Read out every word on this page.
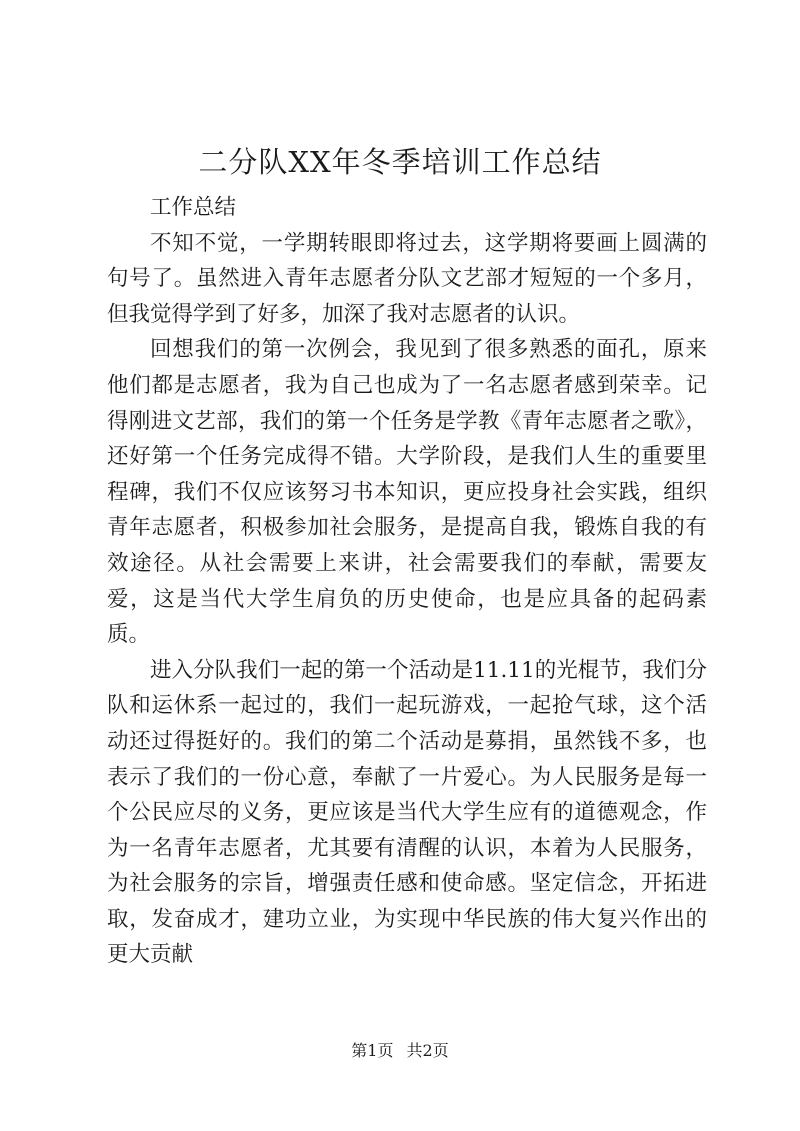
二分队XX年冬季培训工作总结

工作总结

不知不觉，一学期转眼即将过去，这学期将要画上圆满的句号了。虽然进入青年志愿者分队文艺部才短短的一个多月，但我觉得学到了好多，加深了我对志愿者的认识。

回想我们的第一次例会，我见到了很多熟悉的面孔，原来他们都是志愿者，我为自己也成为了一名志愿者感到荣幸。记得刚进文艺部，我们的第一个任务是学教《青年志愿者之歌》，还好第一个任务完成得不错。大学阶段，是我们人生的重要里程碑，我们不仅应该努习书本知识，更应投身社会实践，组织青年志愿者，积极参加社会服务，是提高自我，锻炼自我的有效途径。从社会需要上来讲，社会需要我们的奉献，需要友爱，这是当代大学生肩负的历史使命，也是应具备的起码素质。

进入分队我们一起的第一个活动是11.11的光棍节，我们分队和运休系一起过的，我们一起玩游戏，一起抢气球，这个活动还过得挺好的。我们的第二个活动是募捐，虽然钱不多，也表示了我们的一份心意，奉献了一片爱心。为人民服务是每一个公民应尽的义务，更应该是当代大学生应有的道德观念，作为一名青年志愿者，尤其要有清醒的认识，本着为人民服务，为社会服务的宗旨，增强责任感和使命感。坚定信念，开拓进取，发奋成才，建功立业，为实现中华民族的伟大复兴作出的更大贡献

第1页 共2页
